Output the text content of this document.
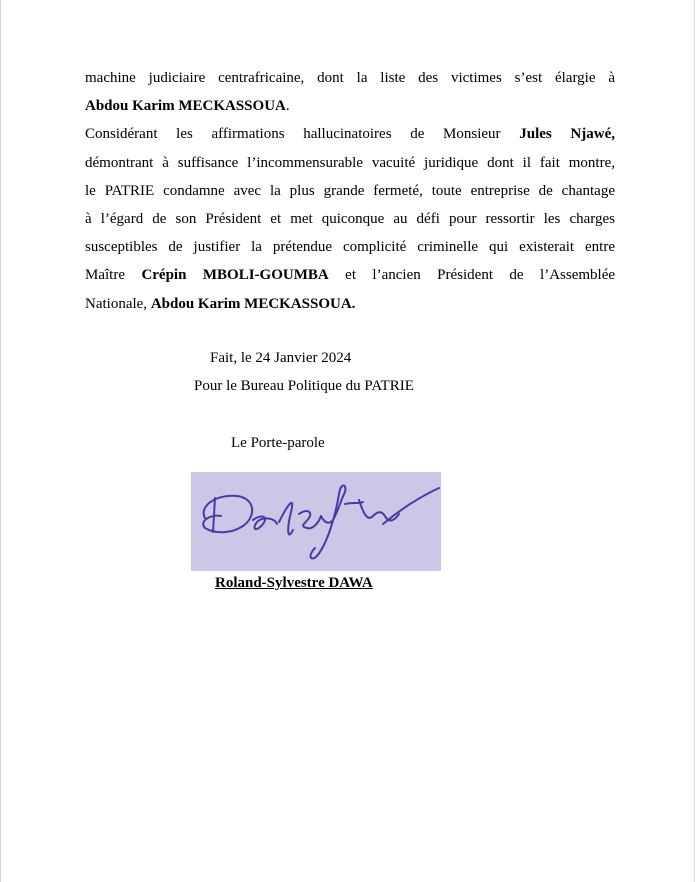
machine judiciaire centrafricaine, dont la liste des victimes s’est élargie à
Abdou Karim MECKASSOUA.

Considérant les affirmations hallucinatoires de Monsieur Jules Njawé,
démontrant à suffisance l’incommensurable vacuité juridique dont il fait montre,
le PATRIE condamne avec la plus grande fermeté, toute entreprise de chantage
à l’égard de son Président et met quiconque au défi pour ressortir les charges
susceptibles de justifier la prétendue complicité criminelle qui existerait entre
Maître Crépin MBOLI-GOUMBA et l’ancien Président de l’Assemblée
Nationale, Abdou Karim MECKASSOUA.

Fait, le 24 Janvier 2024
Pour le Bureau Politique du PATRIE
Le Porte-parole
Roland-Sylvestre DAWA
